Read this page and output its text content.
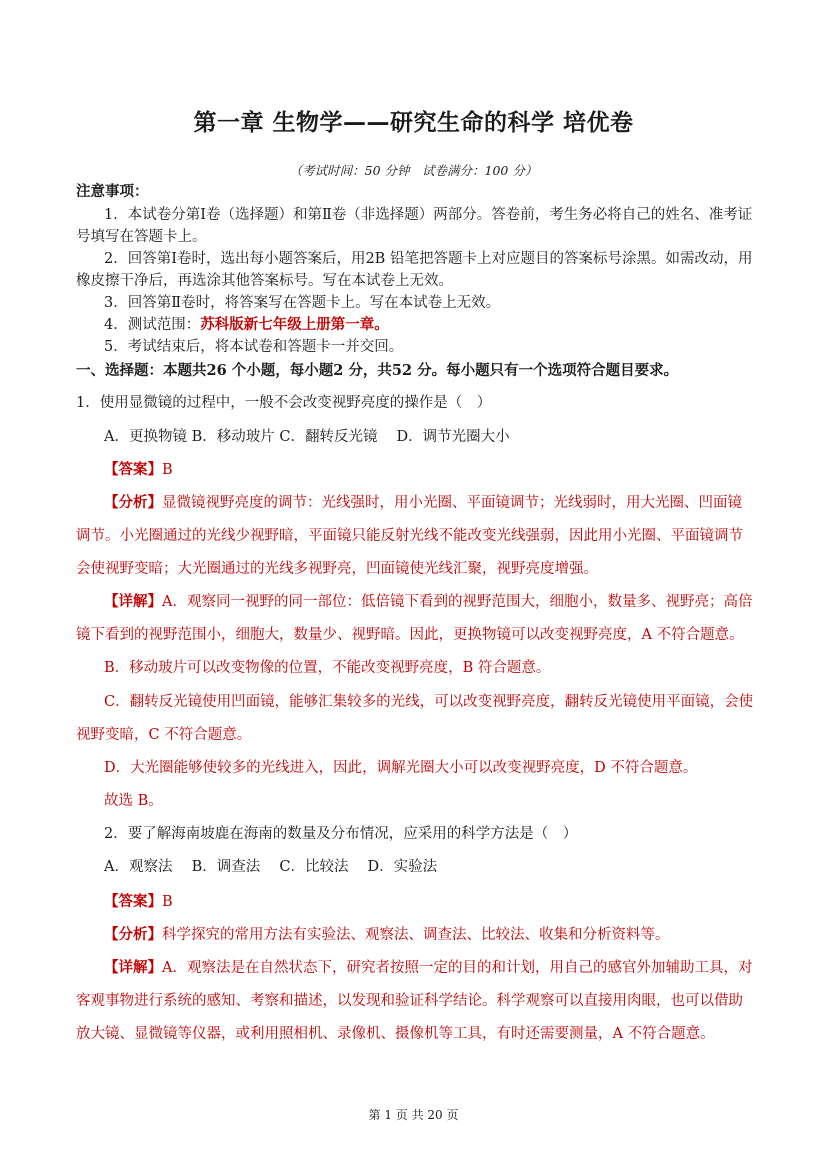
第一章 生物学——研究生命的科学 培优卷
（考试时间：50 分钟　试卷满分：100 分）
注意事项：
1．本试卷分第Ⅰ卷（选择题）和第Ⅱ卷（非选择题）两部分。答卷前，考生务必将自己的姓名、准考证
号填写在答题卡上。
2．回答第Ⅰ卷时，选出每小题答案后，用2B 铅笔把答题卡上对应题目的答案标号涂黑。如需改动，用
橡皮擦干净后，再选涂其他答案标号。写在本试卷上无效。
3．回答第Ⅱ卷时，将答案写在答题卡上。写在本试卷上无效。
4．测试范围：苏科版新七年级上册第一章。
5．考试结束后，将本试卷和答题卡一并交回。
一、选择题：本题共26 个小题，每小题2 分，共52 分。每小题只有一个选项符合题目要求。
1．使用显微镜的过程中，一般不会改变视野亮度的操作是（　）
A．更换物镜 B．移动玻片 C．翻转反光镜　 D．调节光圈大小
【答案】B
【分析】显微镜视野亮度的调节：光线强时，用小光圈、平面镜调节；光线弱时，用大光圈、凹面镜
调节。小光圈通过的光线少视野暗，平面镜只能反射光线不能改变光线强弱，因此用小光圈、平面镜调节
会使视野变暗；大光圈通过的光线多视野亮，凹面镜使光线汇聚，视野亮度增强。
【详解】A．观察同一视野的同一部位：低倍镜下看到的视野范围大，细胞小，数量多、视野亮；高倍
镜下看到的视野范围小，细胞大，数量少、视野暗。因此，更换物镜可以改变视野亮度，A 不符合题意。
B．移动玻片可以改变物像的位置，不能改变视野亮度，B 符合题意。
C．翻转反光镜使用凹面镜，能够汇集较多的光线，可以改变视野亮度，翻转反光镜使用平面镜，会使
视野变暗，C 不符合题意。
D．大光圈能够使较多的光线进入，因此，调解光圈大小可以改变视野亮度，D 不符合题意。
故选 B。
2．要了解海南坡鹿在海南的数量及分布情况，应采用的科学方法是（　）
A．观察法　 B．调查法　 C．比较法　 D．实验法
【答案】B
【分析】科学探究的常用方法有实验法、观察法、调查法、比较法、收集和分析资料等。
【详解】A．观察法是在自然状态下，研究者按照一定的目的和计划，用自己的感官外加辅助工具，对
客观事物进行系统的感知、考察和描述，以发现和验证科学结论。科学观察可以直接用肉眼，也可以借助
放大镜、显微镜等仪器，或利用照相机、录像机、摄像机等工具，有时还需要测量，A 不符合题意。
第 1 页 共 20 页
